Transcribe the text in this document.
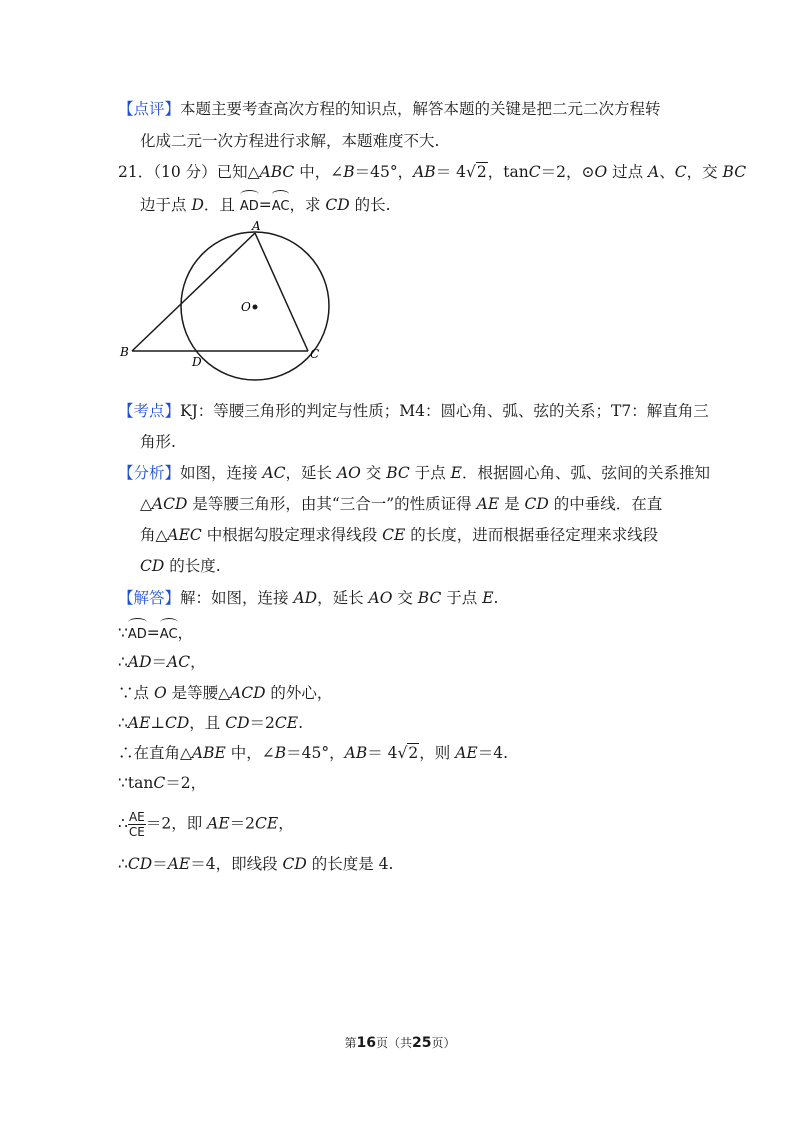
【点评】本题主要考查高次方程的知识点，解答本题的关键是把二元二次方程转
化成二元一次方程进行求解，本题难度不大.
21．（10 分）已知△ABC 中，∠B＝45°，AB＝ 4√2，tanC＝2，⊙O 过点 A、C，交 BC
边于点 D．且 AD=AC，求 CD 的长.
A
B	C
D
O
【考点】KJ：等腰三角形的判定与性质；M4：圆心角、弧、弦的关系；T7：解直角三
角形.
【分析】如图，连接 AC，延长 AO 交 BC 于点 E．根据圆心角、弧、弦间的关系推知
△ACD 是等腰三角形，由其“三合一”的性质证得 AE 是 CD 的中垂线．在直
角△AEC 中根据勾股定理求得线段 CE 的长度，进而根据垂径定理来求线段
CD 的长度.
【解答】解：如图，连接 AD，延长 AO 交 BC 于点 E.
∵AD=AC，
∴AD＝AC，
∵点 O 是等腰△ACD 的外心，
∴AE⊥CD，且 CD＝2CE.
∴在直角△ABE 中，∠B＝45°，AB＝ 4√2，则 AE＝4.
∵tanC＝2，
∴ $\frac{AE}{CE} =2$，即 AE＝2CE，
∴CD＝AE＝4，即线段 CD 的长度是 4.
第16页（共25页）
